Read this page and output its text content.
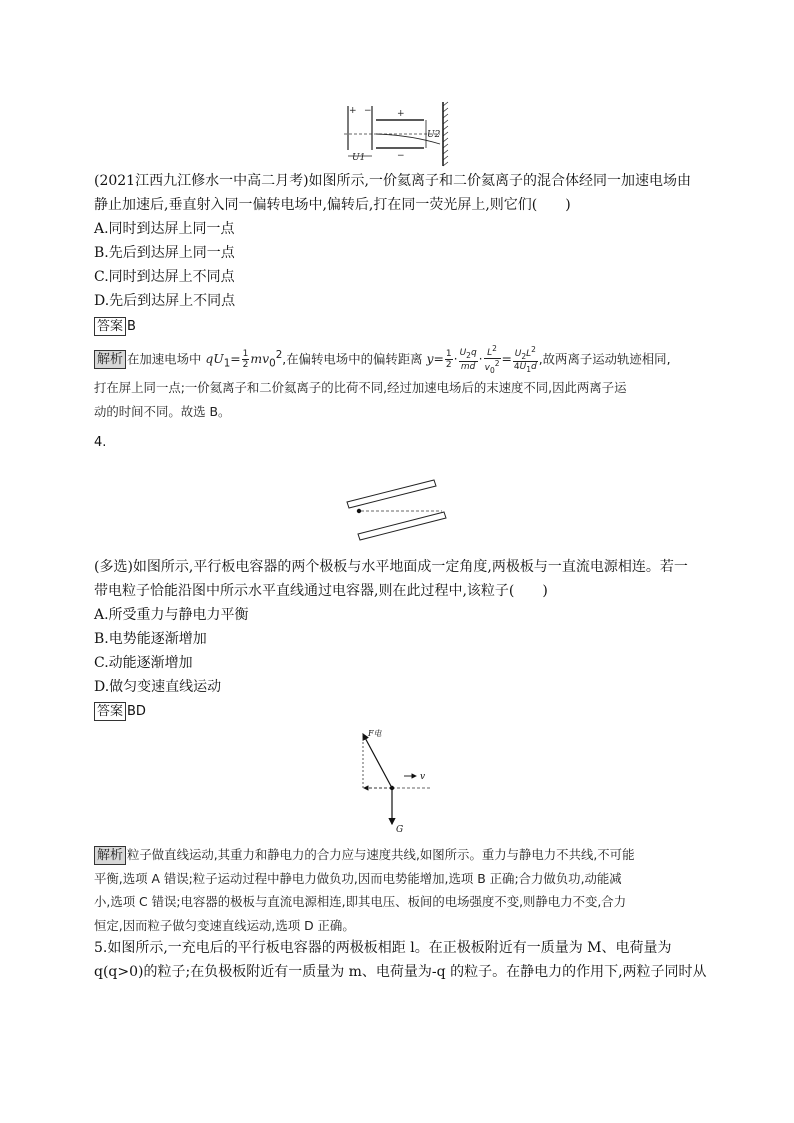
+ −	+
−
U2
U1
(2021江西九江修水一中高二月考)如图所示,一价氦离子和二价氦离子的混合体经同一加速电场由
静止加速后,垂直射入同一偏转电场中,偏转后,打在同一荧光屏上,则它们(　　)
A.同时到达屏上同一点
B.先后到达屏上同一点
C.同时到达屏上不同点
D.先后到达屏上不同点
答案 B
解析 在加速电场中 $qU_1= \frac{1}{2} mv_0^2$,在偏转电场中的偏转距离 $y= \frac{1}{2} \cdot \frac{U_2q}{md} \cdot \frac{L^2}{v_0^2} = \frac{U_2L^2}{4U_1d}$ ,故两离子运动轨迹相同,
打在屏上同一点;一价氦离子和二价氦离子的比荷不同,经过加速电场后的末速度不同,因此两离子运
动的时间不同。故选 B。
4.
(多选)如图所示,平行板电容器的两个极板与水平地面成一定角度,两极板与一直流电源相连。若一
带电粒子恰能沿图中所示水平直线通过电容器,则在此过程中,该粒子(　　)
A.所受重力与静电力平衡
B.电势能逐渐增加
C.动能逐渐增加
D.做匀变速直线运动
答案 BD
F电
G
v
解析 粒子做直线运动,其重力和静电力的合力应与速度共线,如图所示。重力与静电力不共线,不可能
平衡,选项 A 错误;粒子运动过程中静电力做负功,因而电势能增加,选项 B 正确;合力做负功,动能减
小,选项 C 错误;电容器的极板与直流电源相连,即其电压、板间的电场强度不变,则静电力不变,合力
恒定,因而粒子做匀变速直线运动,选项 D 正确。
5.如图所示,一充电后的平行板电容器的两极板相距 l。在正极板附近有一质量为 M、电荷量为
q(q>0)的粒子;在负极板附近有一质量为 m、电荷量为-q 的粒子。在静电力的作用下,两粒子同时从
